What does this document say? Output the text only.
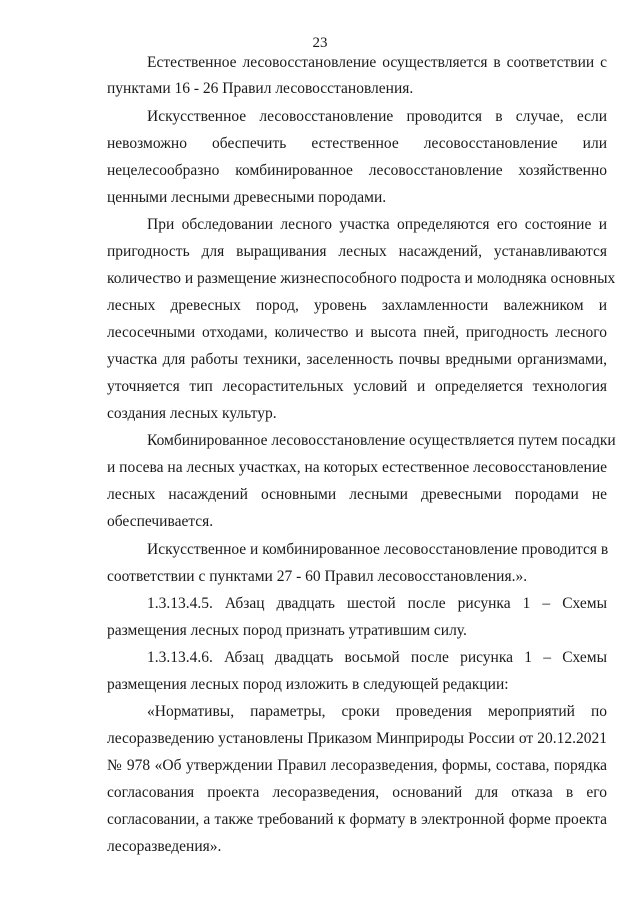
23
Естественное лесовосстановление осуществляется в соответствии с
пунктами 16 - 26 Правил лесовосстановления.
Искусственное лесовосстановление проводится в случае, если
невозможно обеспечить естественное лесовосстановление или
нецелесообразно комбинированное лесовосстановление хозяйственно
ценными лесными древесными породами.
При обследовании лесного участка определяются его состояние и
пригодность для выращивания лесных насаждений, устанавливаются
количество и размещение жизнеспособного подроста и молодняка основных
лесных древесных пород, уровень захламленности валежником и
лесосечными отходами, количество и высота пней, пригодность лесного
участка для работы техники, заселенность почвы вредными организмами,
уточняется тип лесорастительных условий и определяется технология
создания лесных культур.
Комбинированное лесовосстановление осуществляется путем посадки
и посева на лесных участках, на которых естественное лесовосстановление
лесных насаждений основными лесными древесными породами не
обеспечивается.
Искусственное и комбинированное лесовосстановление проводится в
соответствии с пунктами 27 - 60 Правил лесовосстановления.».
1.3.13.4.5. Абзац двадцать шестой после рисунка 1 – Схемы
размещения лесных пород признать утратившим силу.
1.3.13.4.6. Абзац двадцать восьмой после рисунка 1 – Схемы
размещения лесных пород изложить в следующей редакции:
«Нормативы, параметры, сроки проведения мероприятий по
лесоразведению установлены Приказом Минприроды России от 20.12.2021
№ 978 «Об утверждении Правил лесоразведения, формы, состава, порядка
согласования проекта лесоразведения, оснований для отказа в его
согласовании, а также требований к формату в электронной форме проекта
лесоразведения».
